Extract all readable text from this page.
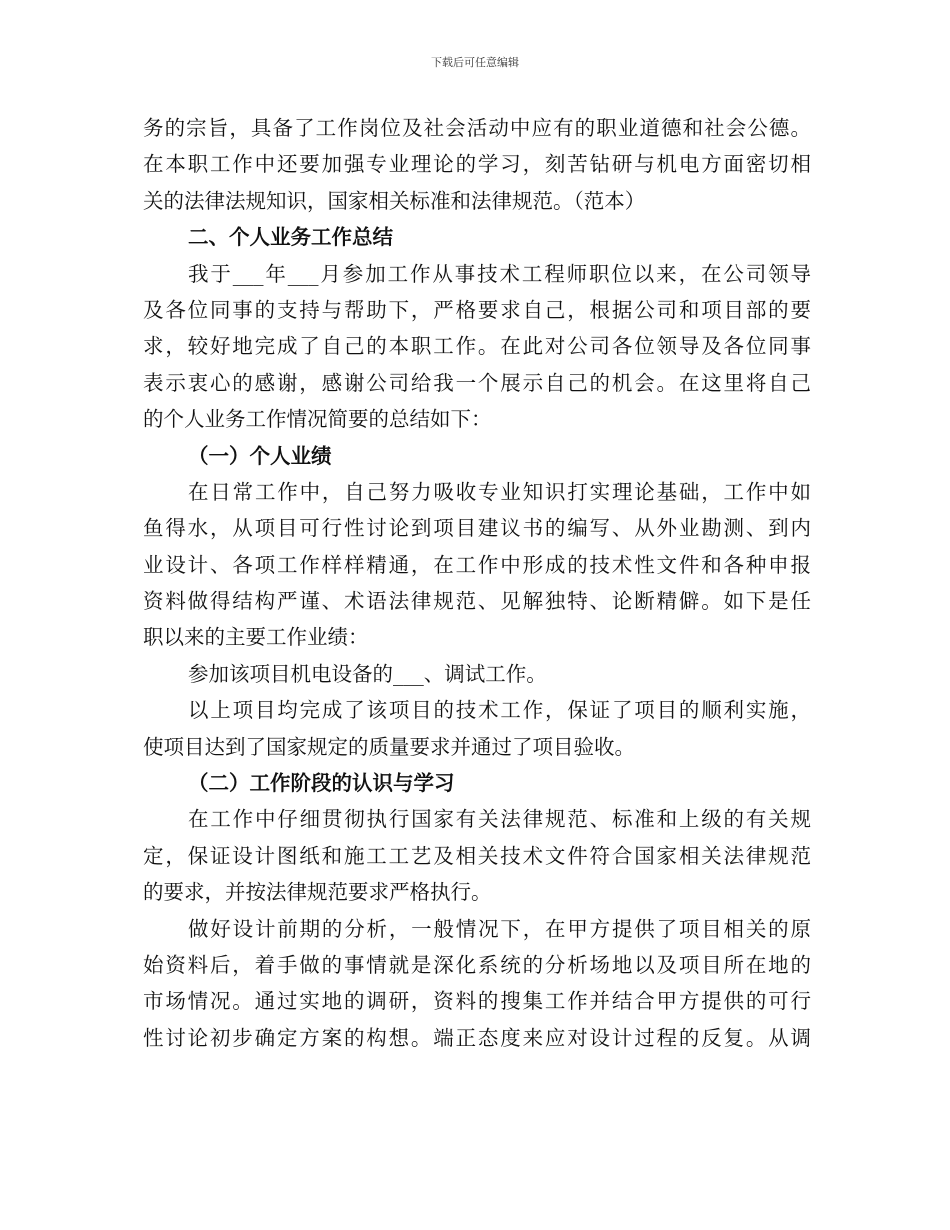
下载后可任意编辑
务的宗旨，具备了工作岗位及社会活动中应有的职业道德和社会公德。
在本职工作中还要加强专业理论的学习，刻苦钻研与机电方面密切相
关的法律法规知识，国家相关标准和法律规范。（范本）
二、个人业务工作总结
我于___年___月参加工作从事技术工程师职位以来，在公司领导
及各位同事的支持与帮助下，严格要求自己，根据公司和项目部的要
求，较好地完成了自己的本职工作。在此对公司各位领导及各位同事
表示衷心的感谢，感谢公司给我一个展示自己的机会。在这里将自己
的个人业务工作情况简要的总结如下：
（一）个人业绩
在日常工作中，自己努力吸收专业知识打实理论基础，工作中如
鱼得水，从项目可行性讨论到项目建议书的编写、从外业勘测、到内
业设计、各项工作样样精通，在工作中形成的技术性文件和各种申报
资料做得结构严谨、术语法律规范、见解独特、论断精僻。如下是任
职以来的主要工作业绩：
参加该项目机电设备的___、调试工作。
以上项目均完成了该项目的技术工作，保证了项目的顺利实施，
使项目达到了国家规定的质量要求并通过了项目验收。
（二）工作阶段的认识与学习
在工作中仔细贯彻执行国家有关法律规范、标准和上级的有关规
定，保证设计图纸和施工工艺及相关技术文件符合国家相关法律规范
的要求，并按法律规范要求严格执行。
做好设计前期的分析，一般情况下，在甲方提供了项目相关的原
始资料后，着手做的事情就是深化系统的分析场地以及项目所在地的
市场情况。通过实地的调研，资料的搜集工作并结合甲方提供的可行
性讨论初步确定方案的构想。端正态度来应对设计过程的反复。从调
